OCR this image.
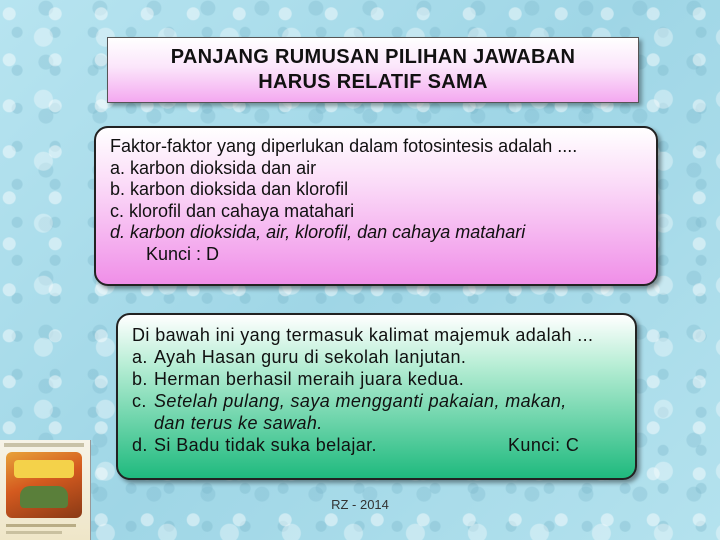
PANJANG RUMUSAN PILIHAN JAWABAN
HARUS RELATIF SAMA
Faktor-faktor yang diperlukan dalam fotosintesis adalah ....
a. karbon dioksida dan air
b. karbon dioksida dan klorofil
c. klorofil dan cahaya matahari
d. karbon dioksida, air, klorofil, dan cahaya matahari
Kunci : D
Di bawah ini yang termasuk kalimat majemuk adalah ...
a. Ayah Hasan guru di sekolah lanjutan.
b. Herman berhasil meraih juara kedua.
c. Setelah pulang, saya mengganti pakaian, makan,
dan terus ke sawah.
d. Si Badu tidak suka belajar.	Kunci: C
RZ - 2014
